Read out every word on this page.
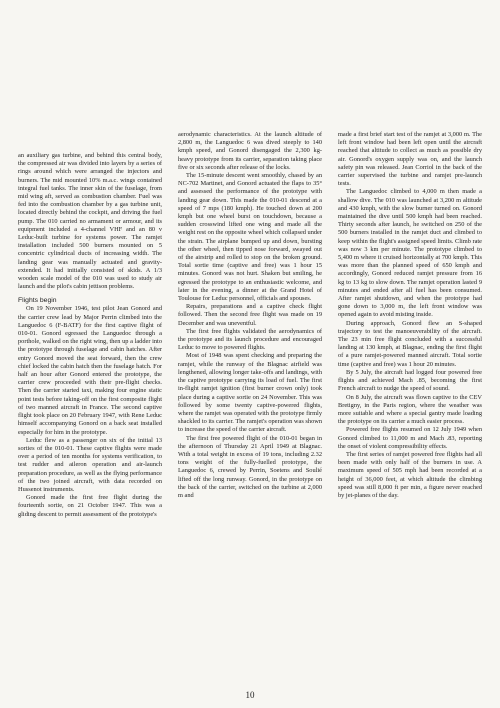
an auxiliary gas turbine, and behind this central body, the compressed air was divided into layers by a series of rings around which were arranged the injectors and burners. The mid mounted 10% m.a.c. wings contained integral fuel tanks. The inner skin of the fuselage, from mid wing aft, served as combustion chamber. Fuel was fed into the combustion chamber by a gas turbine unit, located directly behind the cockpit, and driving the fuel pump. The 010 carried no armament or armour, and its equipment included a 4-channel VHF and an 80 v Leduc-built turbine for systems power. The ramjet installation included 500 burners mounted on 5 concentric cylindrical ducts of increasing width. The landing gear was manually actuated and gravity-extended. It had initially consisted of skids. A 1/3 wooden scale model of the 010 was used to study air launch and the pilot's cabin jettison problems.

Flights begin

On 19 November 1946, test pilot Jean Gonord and the carrier crew lead by Major Perrin climbed into the Languedoc 6 (F-BATF) for the first captive flight of 010-01. Gonord egressed the Languedoc through a porthole, walked on the right wing, then up a ladder into the prototype through fuselage and cabin hatches. After entry Gonord moved the seat forward, then the crew chief locked the cabin hatch then the fuselage hatch. For half an hour after Gonord entered the prototype, the carrier crew proceeded with their pre-flight checks. Then the carrier started taxi, making four engine static point tests before taking-off on the first composite flight of two manned aircraft in France. The second captive flight took place on 20 February 1947, with Rene Leduc himself accompanying Gonord on a back seat installed especially for him in the prototype.

Leduc flew as a passenger on six of the initial 13 sorties of the 010-01. These captive flights were made over a period of ten months for systems verification, to test rudder and aileron operation and air-launch preparation procedure, as well as the flying performance of the two joined aircraft, with data recorded on Hussenot instruments.

Gonord made the first free flight during the fourteenth sortie, on 21 October 1947. This was a gliding descent to permit assessment of the prototype's

aerodynamic characteristics. At the launch altitude of 2,800 m, the Languedoc 6 was dived steeply to 140 kmph speed, and Gonord disengaged the 2,300 kg-heavy prototype from its carrier, separation taking place five or six seconds after release of the locks.

The 15-minute descent went smoothly, chased by an NC-702 Martinet, and Gonord actuated the flaps to 35° and assessed the performance of the prototype with landing gear down. This made the 010-01 descend at a speed of 7 mps (180 kmph). He touched down at 200 kmph but one wheel burst on touchdown, because a sudden crosswind lifted one wing and made all the weight rest on the opposite wheel which collapsed under the strain. The airplane bumped up and down, bursting the other wheel, then tipped nose forward, swayed out of the airstrip and rolled to stop on the broken ground. Total sortie time (captive and free) was 1 hour 15 minutes. Gonord was not hurt. Shaken but smiling, he egressed the prototype to an enthusiastic welcome, and later in the evening, a dinner at the Grand Hotel of Toulouse for Leduc personnel, officials and spouses.

Repairs, preparations and a captive check flight followed. Then the second free flight was made on 19 December and was uneventful.

The first free flights validated the aerodynamics of the prototype and its launch procedure and encouraged Leduc to move to powered flights.

Most of 1948 was spent checking and preparing the ramjet, while the runway of the Blagnac airfield was lengthened, allowing longer take-offs and landings, with the captive prototype carrying its load of fuel. The first in-flight ramjet ignition (first burner crown only) took place during a captive sortie on 24 November. This was followed by some twenty captive-powered flights, where the ramjet was operated with the prototype firmly shackled to its carrier. The ramjet's operation was shown to increase the speed of the carrier aircraft.

The first free powered flight of the 010-01 began in the afternoon of Thursday 21 April 1949 at Blagnac. With a total weight in excess of 19 tons, including 2.32 tons weight of the fully-fuelled prototype, the Languedoc 6, crewed by Perrin, Soetens and Soulié lifted off the long runway. Gonord, in the prototype on the back of the carrier, switched on the turbine at 2,000 m and

made a first brief start test of the ramjet at 3,000 m. The left front window had been left open until the aircraft reached that altitude to collect as much as possible dry air. Gonord's oxygen supply was on, and the launch safety pin was released. Jean Corriol in the back of the carrier supervised the turbine and ramjet pre-launch tests.

The Languedoc climbed to 4,000 m then made a shallow dive. The 010 was launched at 3,200 m altitude and 430 kmph, with the slow burner turned on. Gonord maintained the dive until 500 kmph had been reached. Thirty seconds after launch, he switched on 250 of the 500 burners installed in the ramjet duct and climbed to keep within the flight's assigned speed limits. Climb rate was now 3 km per minute. The prototype climbed to 5,400 m where it cruised horizontally at 700 kmph. This was more than the planned speed of 650 kmph and accordingly, Gonord reduced ramjet pressure from 16 kg to 13 kg to slow down. The ramjet operation lasted 9 minutes and ended after all fuel has been consumed. After ramjet shutdown, and when the prototype had gone down to 3,000 m, the left front window was opened again to avoid misting inside.

During approach, Gonord flew an S-shaped trajectory to test the manoeuverability of the aircraft. The 23 min free flight concluded with a successful landing at 130 kmph, at Blagnac, ending the first flight of a pure ramjet-powered manned aircraft. Total sortie time (captive and free) was 1 hour 20 minutes.

By 5 July, the aircraft had logged four powered free flights and achieved Mach .85, becoming the first French aircraft to nudge the speed of sound.

On 8 July, the aircraft was flown captive to the CEV Bretigny, in the Paris region, where the weather was more suitable and where a special gantry made loading the prototype on its carrier a much easier process.

Powered free flights resumed on 12 July 1949 when Gonord climbed to 11,000 m and Mach .83, reporting the onset of violent compressibility effects.

The first series of ramjet powered free flights had all been made with only half of the burners in use. A maximum speed of 505 mph had been recorded at a height of 36,000 feet, at which altitude the climbing speed was still 8,000 ft per min, a figure never reached by jet-planes of the day.

10
